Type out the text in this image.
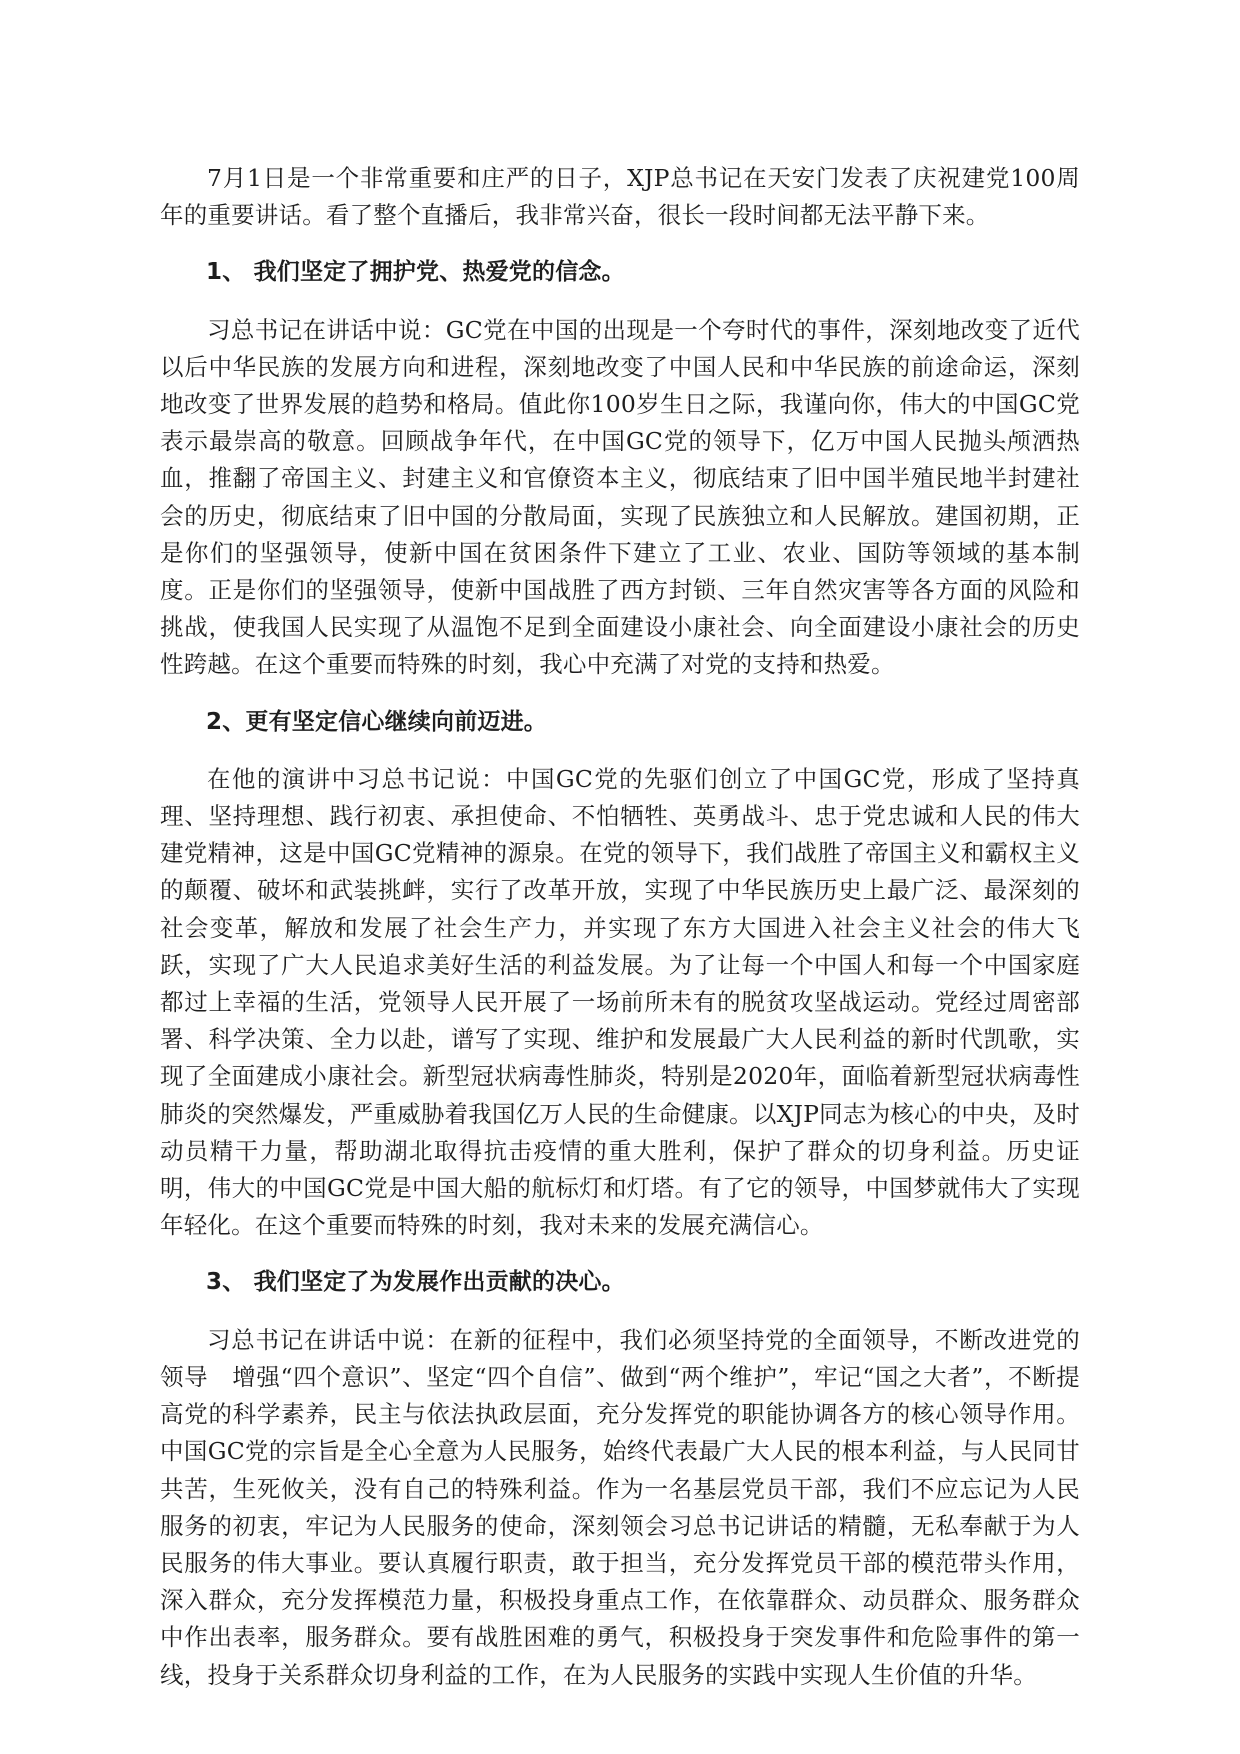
7月1日是一个非常重要和庄严的日子，XJP总书记在天安门发表了庆祝建党100周年的重要讲话。看了整个直播后，我非常兴奋，很长一段时间都无法平静下来。

1、 我们坚定了拥护党、热爱党的信念。

习总书记在讲话中说：GC党在中国的出现是一个夸时代的事件，深刻地改变了近代以后中华民族的发展方向和进程，深刻地改变了中国人民和中华民族的前途命运，深刻地改变了世界发展的趋势和格局。值此你100岁生日之际，我谨向你，伟大的中国GC党表示最崇高的敬意。回顾战争年代，在中国GC党的领导下，亿万中国人民抛头颅洒热血，推翻了帝国主义、封建主义和官僚资本主义，彻底结束了旧中国半殖民地半封建社会的历史，彻底结束了旧中国的分散局面，实现了民族独立和人民解放。建国初期，正是你们的坚强领导，使新中国在贫困条件下建立了工业、农业、国防等领域的基本制度。正是你们的坚强领导，使新中国战胜了西方封锁、三年自然灾害等各方面的风险和挑战，使我国人民实现了从温饱不足到全面建设小康社会、向全面建设小康社会的历史性跨越。在这个重要而特殊的时刻，我心中充满了对党的支持和热爱。

2、更有坚定信心继续向前迈进。

在他的演讲中习总书记说：中国GC党的先驱们创立了中国GC党，形成了坚持真理、坚持理想、践行初衷、承担使命、不怕牺牲、英勇战斗、忠于党忠诚和人民的伟大建党精神，这是中国GC党精神的源泉。在党的领导下，我们战胜了帝国主义和霸权主义的颠覆、破坏和武装挑衅，实行了改革开放，实现了中华民族历史上最广泛、最深刻的社会变革，解放和发展了社会生产力，并实现了东方大国进入社会主义社会的伟大飞跃，实现了广大人民追求美好生活的利益发展。为了让每一个中国人和每一个中国家庭都过上幸福的生活，党领导人民开展了一场前所未有的脱贫攻坚战运动。党经过周密部署、科学决策、全力以赴，谱写了实现、维护和发展最广大人民利益的新时代凯歌，实现了全面建成小康社会。新型冠状病毒性肺炎，特别是2020年，面临着新型冠状病毒性肺炎的突然爆发，严重威胁着我国亿万人民的生命健康。以XJP同志为核心的中央，及时动员精干力量，帮助湖北取得抗击疫情的重大胜利，保护了群众的切身利益。历史证明，伟大的中国GC党是中国大船的航标灯和灯塔。有了它的领导，中国梦就伟大了实现年轻化。在这个重要而特殊的时刻，我对未来的发展充满信心。

3、 我们坚定了为发展作出贡献的决心。

习总书记在讲话中说：在新的征程中，我们必须坚持党的全面领导，不断改进党的领导　增强“四个意识”、坚定“四个自信”、做到“两个维护”，牢记“国之大者”，不断提高党的科学素养，民主与依法执政层面，充分发挥党的职能协调各方的核心领导作用。中国GC党的宗旨是全心全意为人民服务，始终代表最广大人民的根本利益，与人民同甘共苦，生死攸关，没有自己的特殊利益。作为一名基层党员干部，我们不应忘记为人民服务的初衷，牢记为人民服务的使命，深刻领会习总书记讲话的精髓，无私奉献于为人民服务的伟大事业。要认真履行职责，敢于担当，充分发挥党员干部的模范带头作用，深入群众，充分发挥模范力量，积极投身重点工作，在依靠群众、动员群众、服务群众中作出表率，服务群众。要有战胜困难的勇气，积极投身于突发事件和危险事件的第一线，投身于关系群众切身利益的工作，在为人民服务的实践中实现人生价值的升华。
